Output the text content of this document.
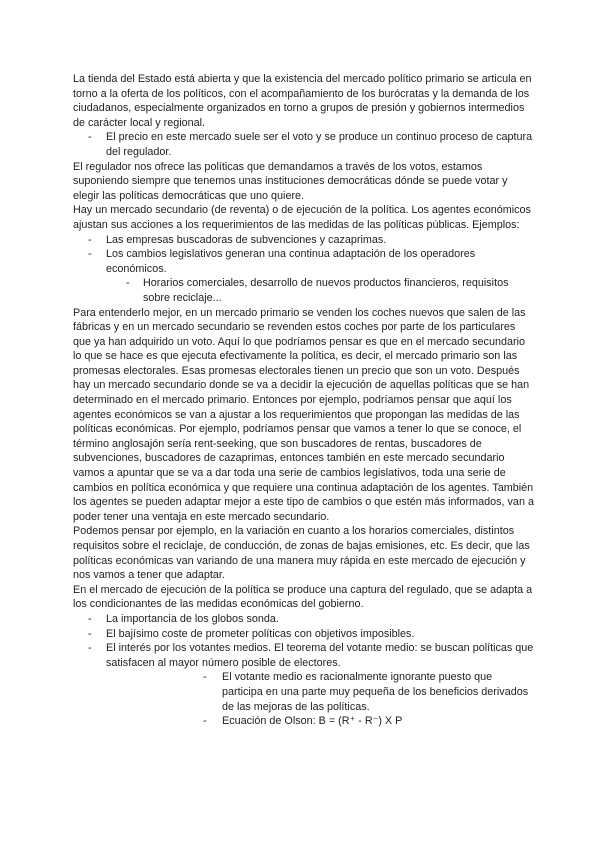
La tienda del Estado está abierta y que la existencia del mercado político primario se articula en torno a la oferta de los políticos, con el acompañamiento de los burócratas y la demanda de los ciudadanos, especialmente organizados en torno a grupos de presión y gobiernos intermedios de carácter local y regional.

- El precio en este mercado suele ser el voto y se produce un continuo proceso de captura del regulador.

El regulador nos ofrece las políticas que demandamos a través de los votos, estamos suponiendo siempre que tenemos unas instituciones democráticas dónde se puede votar y elegir las políticas democráticas que uno quiere.

Hay un mercado secundario (de reventa) o de ejecución de la política. Los agentes económicos ajustan sus acciones a los requerimientos de las medidas de las políticas públicas. Ejemplos:

- Las empresas buscadoras de subvenciones y cazaprimas.
- Los cambios legislativos generan una continua adaptación de los operadores económicos.
- Horarios comerciales, desarrollo de nuevos productos financieros, requisitos sobre reciclaje...

Para entenderlo mejor, en un mercado primario se venden los coches nuevos que salen de las fábricas y en un mercado secundario se revenden estos coches por parte de los particulares que ya han adquirido un voto. Aquí lo que podríamos pensar es que en el mercado secundario lo que se hace es que ejecuta efectivamente la política, es decir, el mercado primario son las promesas electorales. Esas promesas electorales tienen un precio que son un voto. Después hay un mercado secundario donde se va a decidir la ejecución de aquellas políticas que se han determinado en el mercado primario. Entonces por ejemplo, podríamos pensar que aquí los agentes económicos se van a ajustar a los requerimientos que propongan las medidas de las políticas económicas. Por ejemplo, podríamos pensar que vamos a tener lo que se conoce, el término anglosajón sería rent-seeking, que son buscadores de rentas, buscadores de subvenciones, buscadores de cazaprimas, entonces también en este mercado secundario vamos a apuntar que se va a dar toda una serie de cambios legislativos, toda una serie de cambios en política económica y que requiere una continua adaptación de los agentes. También los agentes se pueden adaptar mejor a este tipo de cambios o que estén más informados, van a poder tener una ventaja en este mercado secundario.

Podemos pensar por ejemplo, en la variación en cuanto a los horarios comerciales, distintos requisitos sobre el reciclaje, de conducción, de zonas de bajas emisiones, etc. Es decir, que las políticas económicas van variando de una manera muy rápida en este mercado de ejecución y nos vamos a tener que adaptar.

En el mercado de ejecución de la política se produce una captura del regulado, que se adapta a los condicionantes de las medidas económicas del gobierno.

- La importancia de los globos sonda.
- El bajísimo coste de prometer políticas con objetivos imposibles.
- El interés por los votantes medios. El teorema del votante medio: se buscan políticas que satisfacen al mayor número posible de electores.
- El votante medio es racionalmente ignorante puesto que participa en una parte muy pequeña de los beneficios derivados de las mejoras de las políticas.
- Ecuación de Olson: B = (R⁺ - R⁻) X P
